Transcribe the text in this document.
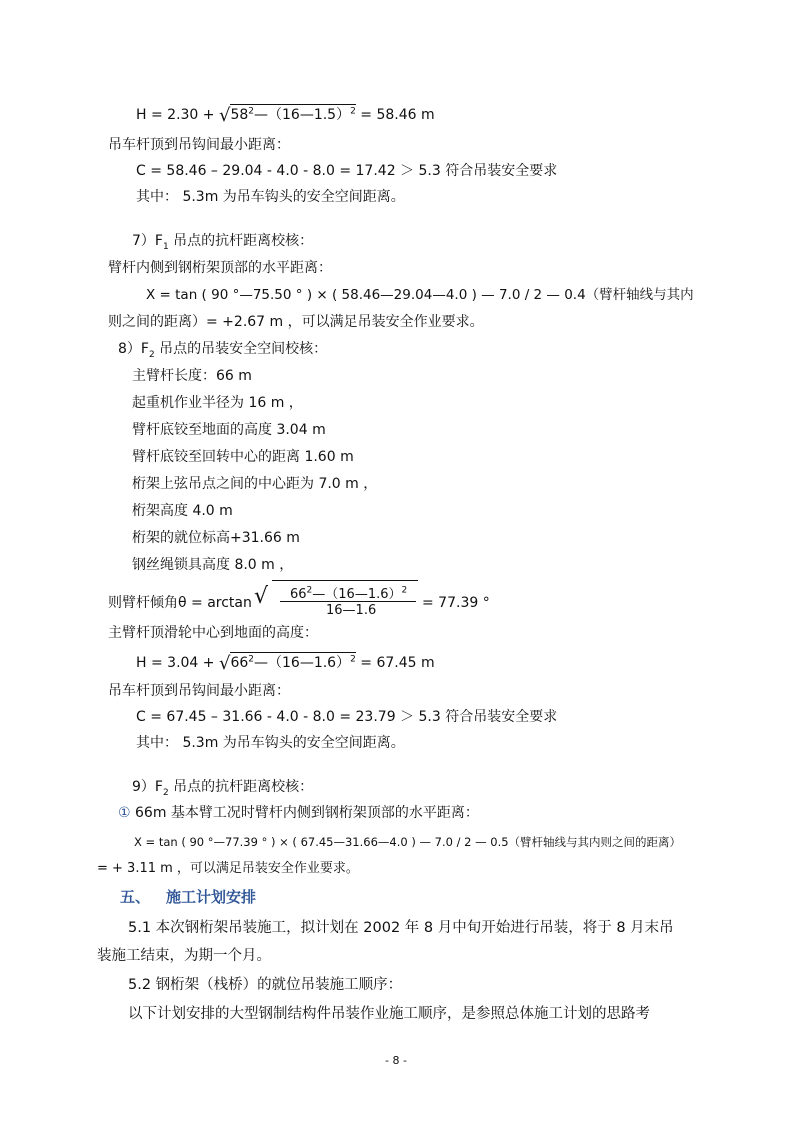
$H = 2.30 + √58^2—(16—1.5)^2 = 58.46$ m
吊车杆顶到吊钩间最小距离：
C = 58.46 – 29.04 - 4.0 - 8.0 = 17.42 ＞ 5.3 符合吊装安全要求
其中： 5.3m 为吊车钩头的安全空间距离。
$7)F_1$ 吊点的抗杆距离校核：
臂杆内侧到钢桁架顶部的水平距离：
X = tan ( 90 °—75.50 ° ) × ( 58.46—29.04—4.0 ) — 7.0 / 2 — 0.4（臂杆轴线与其内
则之间的距离）= +2.67 m ，可以满足吊装安全作业要求。
$8)F_2$ 吊点的吊装安全空间校核：
主臂杆长度：66 m
起重机作业半径为 16 m ，
臂杆底铰至地面的高度 3.04 m
臂杆底铰至回转中心的距离 1.60 m
桁架上弦吊点之间的中心距为 7.0 m ，
桁架高度 4.0 m
桁架的就位标高+31.66 m
钢丝绳锁具高度 8.0 m ，
则臂杆倾角θ = arctan √ $66^2—(16—1.6)^2$
16—1.6	= 77.39 °
主臂杆顶滑轮中心到地面的高度：
$H = 3.04 + √66^2—(16—1.6)^2 = 67.45$ m
吊车杆顶到吊钩间最小距离：
C = 67.45 – 31.66 - 4.0 - 8.0 = 23.79 ＞ 5.3 符合吊装安全要求
其中： 5.3m 为吊车钩头的安全空间距离。
$9)F_2$ 吊点的抗杆距离校核：
① 66m 基本臂工况时臂杆内侧到钢桁架顶部的水平距离：
X = tan ( 90 °—77.39 ° ) × ( 67.45—31.66—4.0 ) — 7.0 / 2 — 0.5（臂杆轴线与其内则之间的距离）
= + 3.11 m ，可以满足吊装安全作业要求。
五、 施工计划安排
5.1 本次钢桁架吊装施工，拟计划在 2002 年 8 月中旬开始进行吊装，将于 8 月末吊
装施工结束，为期一个月。
5.2 钢桁架（栈桥）的就位吊装施工顺序：
以下计划安排的大型钢制结构件吊装作业施工顺序，是参照总体施工计划的思路考
- 8 -
